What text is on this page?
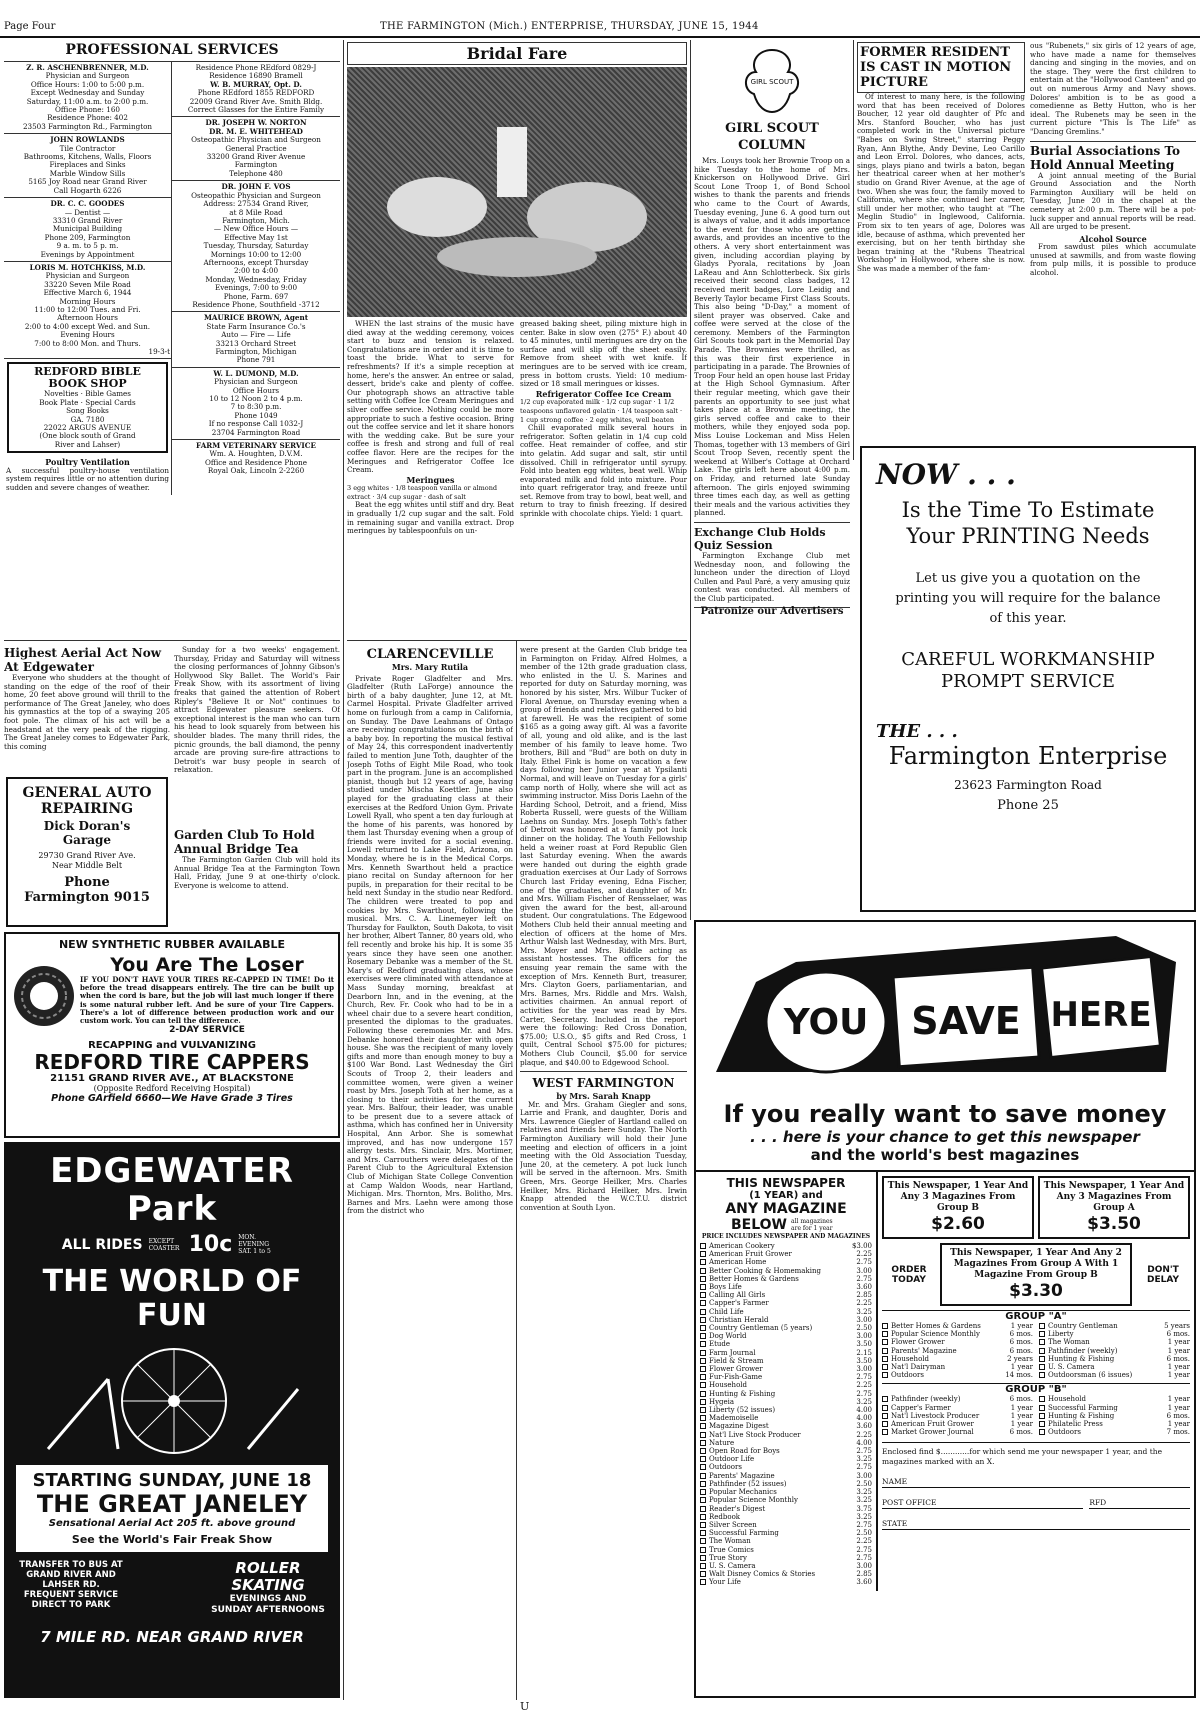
Page Four	THE FARMINGTON (Mich.) ENTERPRISE, THURSDAY, JUNE 15, 1944
PROFESSIONAL SERVICES
Z. R. ASCHENBRENNER, M.D.
Physician and Surgeon
Office Hours: 1:00 to 5:00 p.m.
Except Wednesday and Sunday
Saturday, 11:00 a.m. to 2:00 p.m.
Office Phone: 160
Residence Phone: 402
23503 Farmington Rd., Farmington
JOHN ROWLANDS
Tile Contractor
Bathrooms, Kitchens, Walls, Floors
Fireplaces and Sinks
Marble Window Sills
5165 Joy Road near Grand River
Call Hogarth 6226
DR. C. C. GOODES
— Dentist —
33310 Grand River
Municipal Building
Phone 209, Farmington
9 a. m. to 5 p. m.
Evenings by Appointment
LORIS M. HOTCHKISS, M.D.
Physician and Surgeon
33220 Seven Mile Road
Effective March 6, 1944
Morning Hours
11:00 to 12:00 Tues. and Fri.
Afternoon Hours
2:00 to 4:00 except Wed. and Sun.
Evening Hours
7:00 to 8:00 Mon. and Thurs.
19-3-t
REDFORD BIBLE
BOOK SHOP
Novelties · Bible Games
Book Plate · Special Cards
Song Books
GA. 7180
22022 ARGUS AVENUE
(One block south of Grand
River and Lahser)
Poultry Ventilation
A successful poultry-house ventilation system requires little or no attention during sudden and severe changes of weather.
Residence Phone REdford 0829-J
Residence 16890 Bramell
W. B. MURRAY, Opt. D.
Phone REdford 1855 REDFORD
22009 Grand River Ave. Smith Bldg.
Correct Glasses for the Entire Family
DR. JOSEPH W. NORTON
DR. M. E. WHITEHEAD
Osteopathic Physician and Surgeon
General Practice
33200 Grand River Avenue
Farmington
Telephone 480
DR. JOHN F. VOS
Osteopathic Physician and Surgeon
Address: 27534 Grand River,
at 8 Mile Road
Farmington, Mich.
— New Office Hours —
Effective May 1st
Tuesday, Thursday, Saturday
Mornings 10:00 to 12:00
Afternoons, except Thursday
2:00 to 4:00
Monday, Wednesday, Friday
Evenings, 7:00 to 9:00
Phone, Farm. 697
Residence Phone, Southfield -3712
MAURICE BROWN, Agent
State Farm Insurance Co.'s
Auto — Fire — Life
33213 Orchard Street
Farmington, Michigan
Phone 791
W. L. DUMOND, M.D.
Physician and Surgeon
Office Hours
10 to 12 Noon 2 to 4 p.m.
7 to 8:30 p.m.
Phone 1049
If no response Call 1032-J
23704 Farmington Road
FARM VETERINARY SERVICE
Wm. A. Houghten, D.V.M.
Office and Residence Phone
Royal Oak, Lincoln 2-2260
Highest Aerial Act Now At Edgewater

Everyone who shudders at the thought of standing on the edge of the roof of their home, 20 feet above ground will thrill to the performance of The Great Janeley, who does his gymnastics at the top of a swaying 205 foot pole. The climax of his act will be a headstand at the very peak of the rigging. The Great Janeley comes to Edgewater Park, this coming

Sunday for a two weeks' engagement. Thursday, Friday and Saturday will witness the closing performances of Johnny Gibson's Hollywood Sky Ballet. The World's Fair Freak Show, with its assortment of living freaks that gained the attention of Robert Ripley's "Believe It or Not" continues to attract Edgewater pleasure seekers. Of exceptional interest is the man who can turn his head to look squarely from between his shoulder blades. The many thrill rides, the picnic grounds, the ball diamond, the penny arcade are proving sure-fire attractions to Detroit's war busy people in search of relaxation.

GENERAL AUTO
REPAIRING
Dick Doran's
Garage
29730 Grand River Ave.
Near Middle Belt
Phone
Farmington 9015
Garden Club To Hold Annual Bridge Tea

The Farmington Garden Club will hold its Annual Bridge Tea at the Farmington Town Hall, Friday, June 9 at one-thirty o'clock. Everyone is welcome to attend.

NEW SYNTHETIC RUBBER AVAILABLE
You Are The Loser
IF YOU DON'T HAVE YOUR TIRES RE-CAPPED IN TIME! Do it before the tread disappears entirely. The tire can be built up when the cord is bare, but the job will last much longer if there is some natural rubber left. And be sure of your Tire Cappers. There's a lot of difference between production work and our custom work. You can tell the difference.
2-DAY SERVICE
RECAPPING and VULVANIZING
REDFORD TIRE CAPPERS
21151 GRAND RIVER AVE., AT BLACKSTONE
(Opposite Redford Receiving Hospital)
Phone GArfield 6660—We Have Grade 3 Tires
EDGEWATER Park
ALL RIDES EXCEPT COASTER 10c MON. EVENING SAT. 1 to 5
THE WORLD OF FUN
STARTING SUNDAY, JUNE 18
THE GREAT JANELEY
Sensational Aerial Act 205 ft. above ground
See the World's Fair Freak Show
TRANSFER TO BUS AT GRAND RIVER AND LAHSER RD. FREQUENT SERVICE DIRECT TO PARK
ROLLER SKATING
EVENINGS AND SUNDAY AFTERNOONS
7 MILE RD. NEAR GRAND RIVER
Bridal Fare

WHEN the last strains of the music have died away at the wedding ceremony, voices start to buzz and tension is relaxed. Congratulations are in order and it is time to toast the bride. What to serve for refreshments? If it's a simple reception at home, here's the answer. An entree or salad, dessert, bride's cake and plenty of coffee. Our photograph shows an attractive table setting with Coffee Ice Cream Meringues and silver coffee service. Nothing could be more appropriate to such a festive occasion. Bring out the coffee service and let it share honors with the wedding cake. But be sure your coffee is fresh and strong and full of real coffee flavor. Here are the recipes for the Meringues and Refrigerator Coffee Ice Cream.

Meringues
3 egg whites · 1/8 teaspoon vanilla or almond extract · 3/4 cup sugar · dash of salt

Beat the egg whites until stiff and dry. Beat in gradually 1/2 cup sugar and the salt. Fold in remaining sugar and vanilla extract. Drop meringues by tablespoonfuls on un-

greased baking sheet, piling mixture high in center. Bake in slow oven (275° F.) about 40 to 45 minutes, until meringues are dry on the surface and will slip off the sheet easily. Remove from sheet with wet knife. If meringues are to be served with ice cream, press in bottom crusts. Yield: 10 medium-sized or 18 small meringues or kisses.

Refrigerator Coffee Ice Cream
1/2 cup evaporated milk · 1/2 cup sugar · 1 1/2 teaspoons unflavored gelatin · 1/4 teaspoon salt · 1 cup strong coffee · 2 egg whites, well beaten

Chill evaporated milk several hours in refrigerator. Soften gelatin in 1/4 cup cold coffee. Heat remainder of coffee, and stir into gelatin. Add sugar and salt, stir until dissolved. Chill in refrigerator until syrupy. Fold into beaten egg whites, beat well. Whip evaporated milk and fold into mixture. Pour into quart refrigerator tray, and freeze until set. Remove from tray to bowl, beat well, and return to tray to finish freezing. If desired sprinkle with chocolate chips. Yield: 1 quart.

CLARENCEVILLE
Mrs. Mary Rutila

Private Roger Gladfelter and Mrs. Gladfelter (Ruth LaForge) announce the birth of a baby daughter, June 12, at Mt. Carmel Hospital. Private Gladfelter arrived home on furlough from a camp in California, on Sunday. The Dave Leahmans of Ontago are receiving congratulations on the birth of a baby boy. In reporting the musical festival of May 24, this correspondent inadvertently failed to mention June Toth, daughter of the Joseph Toths of Eight Mile Road, who took part in the program. June is an accomplished pianist, though but 12 years of age, having studied under Mischa Koettler. June also played for the graduating class at their exercises at the Redford Union Gym. Private Lowell Ryall, who spent a ten day furlough at the home of his parents, was honored by them last Thursday evening when a group of friends were invited for a social evening. Lowell returned to Lake Field, Arizona, on Monday, where he is in the Medical Corps. Mrs. Kenneth Swarthout held a practice piano recital on Sunday afternoon for her pupils, in preparation for their recital to be held next Sunday in the studio near Redford. The children were treated to pop and cookies by Mrs. Swarthout, following the musical. Mrs. C. A. Linemeyer left on Thursday for Faulkton, South Dakota, to visit her brother, Albert Tanner, 80 years old, who fell recently and broke his hip. It is some 35 years since they have seen one another. Rosemary Debanke was a member of the St. Mary's of Redford graduating class, whose exercises were climinated with attendance at Mass Sunday morning, breakfast at Dearborn Inn, and in the evening, at the Church, Rev. Fr. Cook who had to be in a wheel chair due to a severe heart condition, presented the diplomas to the graduates. Following these ceremonies Mr. and Mrs. Debanke honored their daughter with open house. She was the recipient of many lovely gifts and more than enough money to buy a $100 War Bond. Last Wednesday the Girl Scouts of Troop 2, their leaders and committee women, were given a weiner roast by Mrs. Joseph Toth at her home, as a closing to their activities for the current year. Mrs. Balfour, their leader, was unable to be present due to a severe attack of asthma, which has confined her in University Hospital, Ann Arbor. She is somewhat improved, and has now undergone 157 allergy tests. Mrs. Sinclair, Mrs. Mortimer, and Mrs. Carrouthers were delegates of the Parent Club to the Agricultural Extension Club of Michigan State College Convention at Camp Waldon Woods, near Hartland, Michigan. Mrs. Thornton, Mrs. Bolitho, Mrs. Barnes and Mrs. Laehn were among those from the district who

were present at the Garden Club bridge tea in Farmington on Friday. Alfred Holmes, a member of the 12th grade graduation class, who enlisted in the U. S. Marines and reported for duty on Saturday morning, was honored by his sister, Mrs. Wilbur Tucker of Floral Avenue, on Thursday evening when a group of friends and relatives gathered to bid at farewell. He was the recipient of some $165 as a going away gift. Al was a favorite of all, young and old alike, and is the last member of his family to leave home. Two brothers, Bill and "Bud" are both on duty in Italy. Ethel Fink is home on vacation a few days following her Junior year at Ypsilanti Normal, and will leave on Tuesday for a girls' camp north of Holly, where she will act as swimming instructor. Miss Doris Laehn of the Harding School, Detroit, and a friend, Miss Roberta Russell, were guests of the William Laehns on Sunday. Mrs. Joseph Toth's father of Detroit was honored at a family pot luck dinner on the holiday. The Youth Fellowship held a weiner roast at Ford Republic Glen last Saturday evening. When the awards were handed out during the eighth grade graduation exercises at Our Lady of Sorrows Church last Friday evening, Edna Fischer, one of the graduates, and daughter of Mr. and Mrs. William Fischer of Rensselaer, was given the award for the best, all-around student. Our congratulations. The Edgewood Mothers Club held their annual meeting and election of officers at the home of Mrs. Arthur Walsh last Wednesday, with Mrs. Burt, Mrs. Moyer and Mrs. Riddle acting as assistant hostesses. The officers for the ensuing year remain the same with the exception of Mrs. Kenneth Burt, treasurer, Mrs. Clayton Goers, parliamentarian, and Mrs. Barnes, Mrs. Riddle and Mrs. Walsh, activities chairmen. An annual report of activities for the year was read by Mrs. Carter, Secretary. Included in the report were the following: Red Cross Donation, $75.00; U.S.O., $5 gifts and Red Cross, 1 quilt, Central School $75.00 for pictures; Mothers Club Council, $5.00 for service plaque, and $40.00 to Edgewood School.

WEST FARMINGTON
by Mrs. Sarah Knapp

Mr. and Mrs. Graham Giegler and sons, Larrie and Frank, and daughter, Doris and Mrs. Lawrence Giegler of Hartland called on relatives and friends here Sunday. The North Farmington Auxiliary will hold their June meeting and election of officers in a joint meeting with the Old Association Tuesday, June 20, at the cemetery. A pot luck lunch will be served in the afternoon. Mrs. Smith Green, Mrs. George Heilker, Mrs. Charles Heilker, Mrs. Richard Heilker, Mrs. Irwin Knapp attended the W.C.T.U. district convention at South Lyon.

GIRL SCOUT
GIRL SCOUT COLUMN

Mrs. Louys took her Brownie Troop on a hike Tuesday to the home of Mrs. Knickerson on Hollywood Drive. Girl Scout Lone Troop 1, of Bond School wishes to thank the parents and friends who came to the Court of Awards, Tuesday evening, June 6. A good turn out is always of value, and it adds importance to the event for those who are getting awards, and provides an incentive to the others. A very short entertainment was given, including accordian playing by Gladys Pyorala, recitations by Joan LaReau and Ann Schlotterbeck. Six girls received their second class badges, 12 received merit badges, Lore Leidig and Beverly Taylor became First Class Scouts. This also being "D-Day," a moment of silent prayer was observed. Cake and coffee were served at the close of the ceremony. Members of the Farmington Girl Scouts took part in the Memorial Day Parade. The Brownies were thrilled, as this was their first experience in participating in a parade. The Brownies of Troop Four held an open house last Friday at the High School Gymnasium. After their regular meeting, which gave their parents an opportunity to see just what takes place at a Brownie meeting, the girls served coffee and cake to their mothers, while they enjoyed soda pop. Miss Louise Lockeman and Miss Helen Thomas, together with 13 members of Girl Scout Troop Seven, recently spent the weekend at Wilber's Cottage at Orchard Lake. The girls left here about 4:00 p.m. on Friday, and returned late Sunday afternoon. The girls enjoyed swimming three times each day, as well as getting their meals and the various activities they planned.

Exchange Club Holds Quiz Session

Farmington Exchange Club met Wednesday noon, and following the luncheon under the direction of Lloyd Cullen and Paul Paré, a very amusing quiz contest was conducted. All members of the Club participated.

Patronize our Advertisers
FORMER RESIDENT IS CAST IN MOTION PICTURE

Of interest to many here, is the following word that has been received of Dolores Boucher, 12 year old daughter of Pfc and Mrs. Stanford Boucher, who has just completed work in the Universal picture "Babes on Swing Street," starring Peggy Ryan, Ann Blythe, Andy Devine, Leo Carillo and Leon Errol. Dolores, who dances, acts, sings, plays piano and twirls a baton, began her theatrical career when at her mother's studio on Grand River Avenue, at the age of two. When she was four, the family moved to California, where she continued her career, still under her mother, who taught at "The Meglin Studio" in Inglewood, California. From six to ten years of age, Dolores was idle, because of asthma, which prevented her exercising, but on her tenth birthday she began training at the "Rubens Theatrical Workshop" in Hollywood, where she is now. She was made a member of the fam-

ous "Rubenets," six girls of 12 years of age, who have made a name for themselves dancing and singing in the movies, and on the stage. They were the first children to entertain at the "Hollywood Canteen" and go out on numerous Army and Navy shows. Dolores' ambition is to be as good a comedienne as Betty Hutton, who is her ideal. The Rubenets may be seen in the current picture "This Is The Life" as "Dancing Gremlins."

Burial Associations To Hold Annual Meeting

A joint annual meeting of the Burial Ground Association and the North Farmington Auxiliary will be held on Tuesday, June 20 in the chapel at the cemetery at 2:00 p.m. There will be a pot-luck supper and annual reports will be read. All are urged to be present.

Alcohol Source

From sawdust piles which accumulate unused at sawmills, and from waste flowing from pulp mills, it is possible to produce alcohol.

NOW . . .
Is the Time To Estimate
Your PRINTING Needs
Let us give you a quotation on the printing you will require for the balance of this year.
CAREFUL WORKMANSHIP
PROMPT SERVICE
THE . . .
Farmington Enterprise
23623 Farmington Road
Phone 25
YOU SAVE HERE
If you really want to save money
. . . here is your chance to get this newspaper
and the world's best magazines
THIS NEWSPAPER
(1 YEAR) and
ANY MAGAZINE
BELOW all magazines are for 1 year
PRICE INCLUDES NEWSPAPER AND MAGAZINES
American Cookery	$3.00
American Fruit Grower	2.25
American Home	2.75
Better Cooking & Homemaking	3.00
Better Homes & Gardens	2.75
Boys Life	3.60
Calling All Girls	2.85
Capper's Farmer	2.25
Child Life	3.25
Christian Herald	3.00
Country Gentleman (5 years)	2.50
Dog World	3.00
Etude	3.50
Farm Journal	2.15
Field & Stream	3.50
Flower Grower	3.00
Fur-Fish-Game	2.75
Household	2.25
Hunting & Fishing	2.75
Hygeia	3.25
Liberty (52 issues)	4.00
Mademoiselle	4.00
Magazine Digest	3.60
Nat'l Live Stock Producer	2.25
Nature	4.00
Open Road for Boys	2.75
Outdoor Life	3.25
Outdoors	2.75
Parents' Magazine	3.00
Pathfinder (52 issues)	2.50
Popular Mechanics	3.25
Popular Science Monthly	3.25
Reader's Digest	3.75
Redbook	3.25
Silver Screen	2.75
Successful Farming	2.50
The Woman	2.25
True Comics	2.75
True Story	2.75
U. S. Camera	3.00
Walt Disney Comics & Stories	2.85
Your Life	3.60
This Newspaper, 1 Year And Any 3 Magazines From Group B
$2.60
This Newspaper, 1 Year And Any 3 Magazines From Group A
$3.50
ORDER TODAY
This Newspaper, 1 Year And Any 2 Magazines From Group A With 1 Magazine From Group B
$3.30
DON'T DELAY
GROUP "A"
Better Homes & Gardens	1 year	Country Gentleman	5 years
Popular Science Monthly	6 mos.	Liberty	6 mos.
Flower Grower	6 mos.	The Woman	1 year
Parents' Magazine	6 mos.	Pathfinder (weekly)	1 year
Household	2 years	Hunting & Fishing	6 mos.
Nat'l Dairyman	1 year	U. S. Camera	1 year
Outdoors	14 mos.	Outdoorsman (6 issues)	1 year
GROUP "B"
Pathfinder (weekly)	6 mos.	Household	1 year
Capper's Farmer	1 year	Successful Farming	1 year
Nat'l Livestock Producer	1 year	Hunting & Fishing	6 mos.
American Fruit Grower	1 year	Philatelic Press	1 year
Market Grower Journal	6 mos.	Outdoors	7 mos.
Enclosed find $............for which send me your newspaper 1 year, and the magazines marked with an X.
NAME
POST OFFICE	RFD
STATE
U
